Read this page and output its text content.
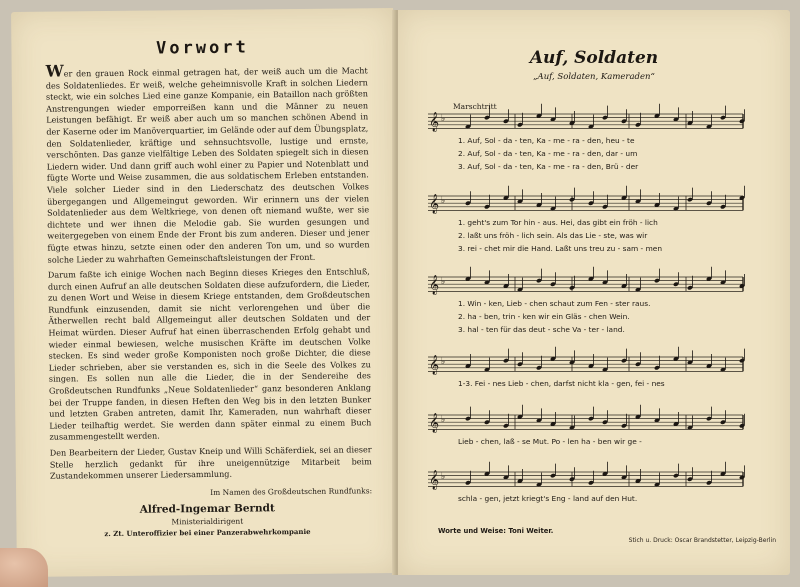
Vorwort

Wer den grauen Rock einmal getragen hat, der weiß auch um die Macht des Soldatenliedes. Er weiß, welche geheimnisvolle Kraft in solchen Liedern steckt, wie ein solches Lied eine ganze Kompanie, ein Bataillon nach größten Anstrengungen wieder emporreißen kann und die Männer zu neuen Leistungen befähigt. Er weiß aber auch um so manchen schönen Abend in der Kaserne oder im Manöverquartier, im Gelände oder auf dem Übungsplatz, den Soldatenlieder, kräftige und sehnsuchtsvolle, lustige und ernste, verschönten. Das ganze vielfältige Leben des Soldaten spiegelt sich in diesen Liedern wider. Und dann griff auch wohl einer zu Papier und Notenblatt und fügte Worte und Weise zusammen, die aus soldatischem Erleben entstanden. Viele solcher Lieder sind in den Liederschatz des deutschen Volkes übergegangen und Allgemeingut geworden. Wir erinnern uns der vielen Soldatenlieder aus dem Weltkriege, von denen oft niemand wußte, wer sie dichtete und wer ihnen die Melodie gab. Sie wurden gesungen und weitergegeben von einem Ende der Front bis zum anderen. Dieser und jener fügte etwas hinzu, setzte einen oder den anderen Ton um, und so wurden solche Lieder zu wahrhaften Gemeinschaftsleistungen der Front.

Darum faßte ich einige Wochen nach Beginn dieses Krieges den Entschluß, durch einen Aufruf an alle deutschen Soldaten diese aufzufordern, die Lieder, zu denen Wort und Weise in diesem Kriege entstanden, dem Großdeutschen Rundfunk einzusenden, damit sie nicht verlorengehen und über die Ätherwellen recht bald Allgemeingut aller deutschen Soldaten und der Heimat würden. Dieser Aufruf hat einen überraschenden Erfolg gehabt und wieder einmal bewiesen, welche musischen Kräfte im deutschen Volke stecken. Es sind weder große Komponisten noch große Dichter, die diese Lieder schrieben, aber sie verstanden es, sich in die Seele des Volkes zu singen. Es sollen nun alle die Lieder, die in der Sendereihe des Großdeutschen Rundfunks „Neue Soldatenlieder“ ganz besonderen Anklang bei der Truppe fanden, in diesen Heften den Weg bis in den letzten Bunker und letzten Graben antreten, damit Ihr, Kameraden, nun wahrhaft dieser Lieder teilhaftig werdet. Sie werden dann später einmal zu einem Buch zusammengestellt werden.

Den Bearbeitern der Lieder, Gustav Kneip und Willi Schäferdiek, sei an dieser Stelle herzlich gedankt für ihre uneigennützige Mitarbeit beim Zustandekommen unserer Liedersammlung.

Im Namen des Großdeutschen Rundfunks:
Alfred-Ingemar Berndt
Ministerialdirigent
z. Zt. Unteroffizier bei einer Panzerabwehrkompanie
Auf, Soldaten
„Auf, Soldaten, Kameraden“
Marschtritt
𝄞 ♭
𝄞 ♭
𝄞 ♭
𝄞 ♭
𝄞 ♭
𝄞 ♭
1. Auf, Sol - da - ten, Ka - me - ra - den, heu - te
2. Auf, Sol - da - ten, Ka - me - ra - den, dar - um
3. Auf, Sol - da - ten, Ka - me - ra - den, Brü - der
1. geht's zum Tor hin - aus. Hei, das gibt ein fröh - lich
2. laßt uns fröh - lich sein. Als das Lie - ste, was wir
3. rei - chet mir die Hand. Laßt uns treu zu - sam - men
1. Win - ken, Lieb - chen schaut zum Fen - ster raus.
2. ha - ben, trin - ken wir ein Gläs - chen Wein.
3. hal - ten für das deut - sche Va - ter - land.
1-3. Fei - nes Lieb - chen, darfst nicht kla - gen, fei - nes
Lieb - chen, laß - se Mut. Po - len ha - ben wir ge -
schla - gen, jetzt kriegt's Eng - land auf den Hut.
Worte und Weise: Toni Weiter.
Stich u. Druck: Oscar Brandstetter, Leipzig-Berlin
